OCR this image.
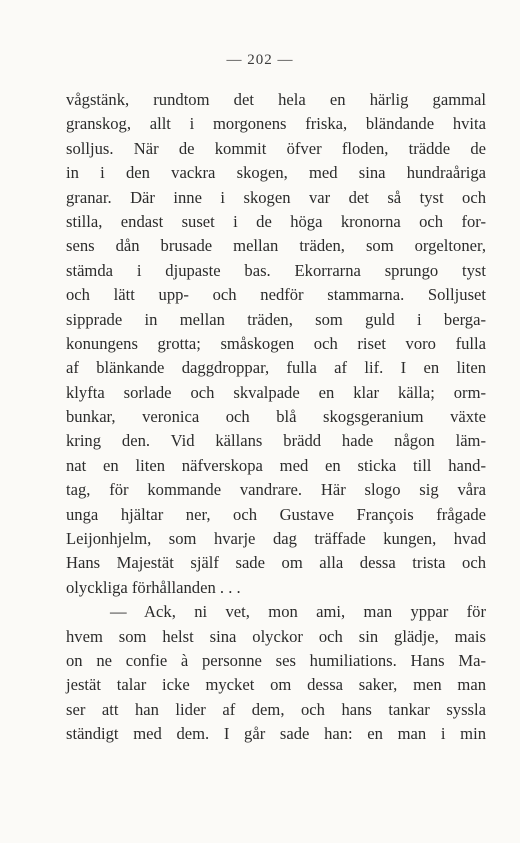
— 202 —
vågstänk, rundtom det hela en härlig gammal
granskog, allt i morgonens friska, bländande hvita
solljus. När de kommit öfver floden, trädde de
in i den vackra skogen, med sina hundraåriga
granar. Där inne i skogen var det så tyst och
stilla, endast suset i de höga kronorna och for-
sens dån brusade mellan träden, som orgeltoner,
stämda i djupaste bas. Ekorrarna sprungo tyst
och lätt upp- och nedför stammarna. Solljuset
sipprade in mellan träden, som guld i berga-
konungens grotta; småskogen och riset voro fulla
af blänkande daggdroppar, fulla af lif. I en liten
klyfta sorlade och skvalpade en klar källa; orm-
bunkar, veronica och blå skogsgeranium växte
kring den. Vid källans brädd hade någon läm-
nat en liten näfverskopa med en sticka till hand-
tag, för kommande vandrare. Här slogo sig våra
unga hjältar ner, och Gustave François frågade
Leijonhjelm, som hvarje dag träffade kungen, hvad
Hans Majestät själf sade om alla dessa trista och
olyckliga förhållanden . . .
— Ack, ni vet, mon ami, man yppar för
hvem som helst sina olyckor och sin glädje, mais
on ne confie à personne ses humiliations. Hans Ma-
jestät talar icke mycket om dessa saker, men man
ser att han lider af dem, och hans tankar syssla
ständigt med dem. I går sade han: en man i min
